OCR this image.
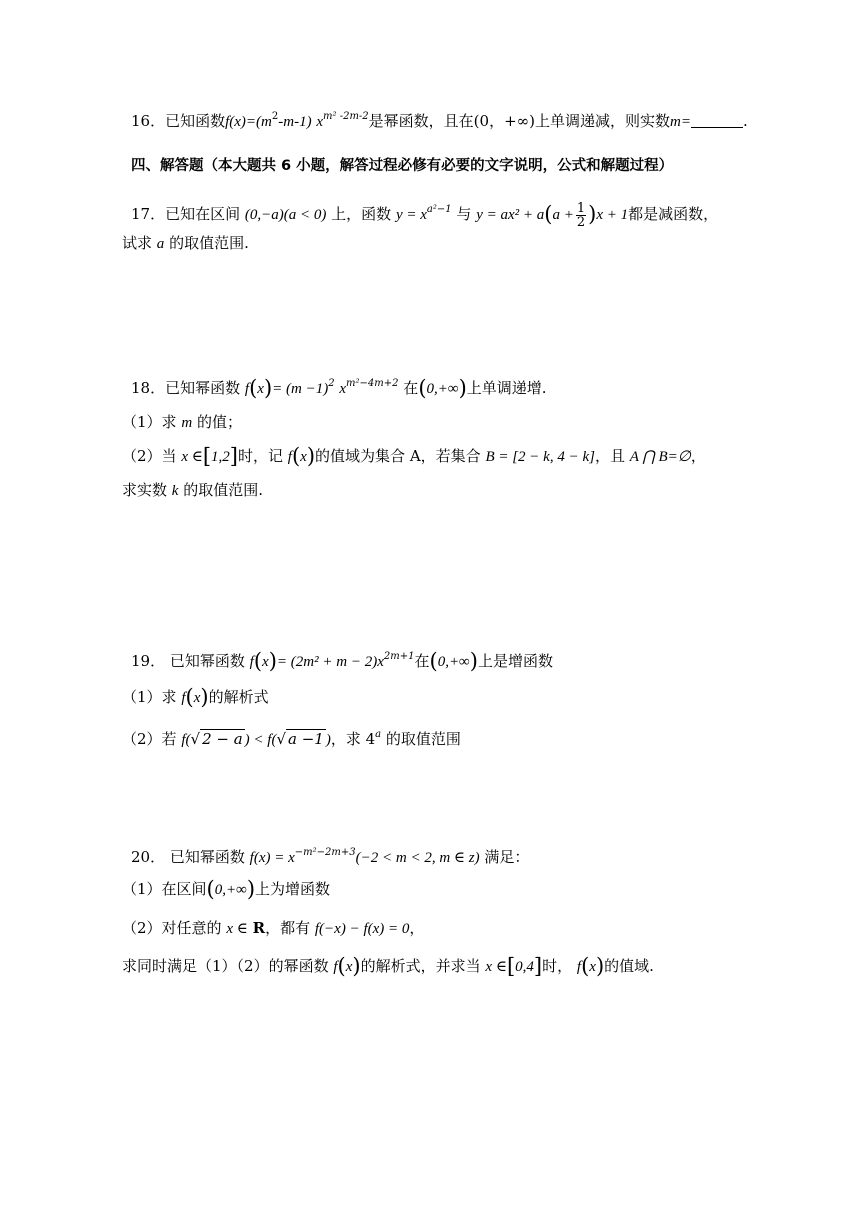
16．已知函数$f(x)=(m^2-m-1)$ $x^{m^2 -2m-2}$是幂函数，且在(0，+∞)上单调递减，则实数m=	.
四、解答题（本大题共 6 小题，解答过程必修有必要的文字说明，公式和解题过程）
17．已知在区间 (0,−a)(a < 0) 上，函数 $y = x^{a^2-1}$ 与 $y = ax^2 + a(a + \frac{1}{2} )x + 1$都是减函数，
试求 a 的取值范围.
18．已知幂函数 $f(x)= (m -1)^2$ $x^{m^2-4m+2}$ 在(0,+∞)上单调递增.
（1）求 m 的值；
（2）当 x ∈[1,2]时，记 f(x)的值域为集合 A，若集合 B = [2 − k, 4 − k]，且 A ⋂ B=∅，
求实数 k 的取值范围.
19． 已知幂函数 $f(x)= (2m^2 + m - 2)x^{2m+1}$在(0,+∞)上是增函数
（1）求 f(x)的解析式
（2）若 f(√ 2 − a ) < f(√ a −1 )，求 4$^a$ 的取值范围
20． 已知幂函数 $f(x) = x^{-m^2-2m+3}(-2 < m < 2$, m ∈ z) 满足：
（1）在区间(0,+∞)上为增函数
（2）对任意的 x ∈ R，都有 f(−x) − f(x) = 0，
求同时满足（1）（2）的幂函数 f(x)的解析式，并求当 x ∈[0,4]时， f(x)的值域.
